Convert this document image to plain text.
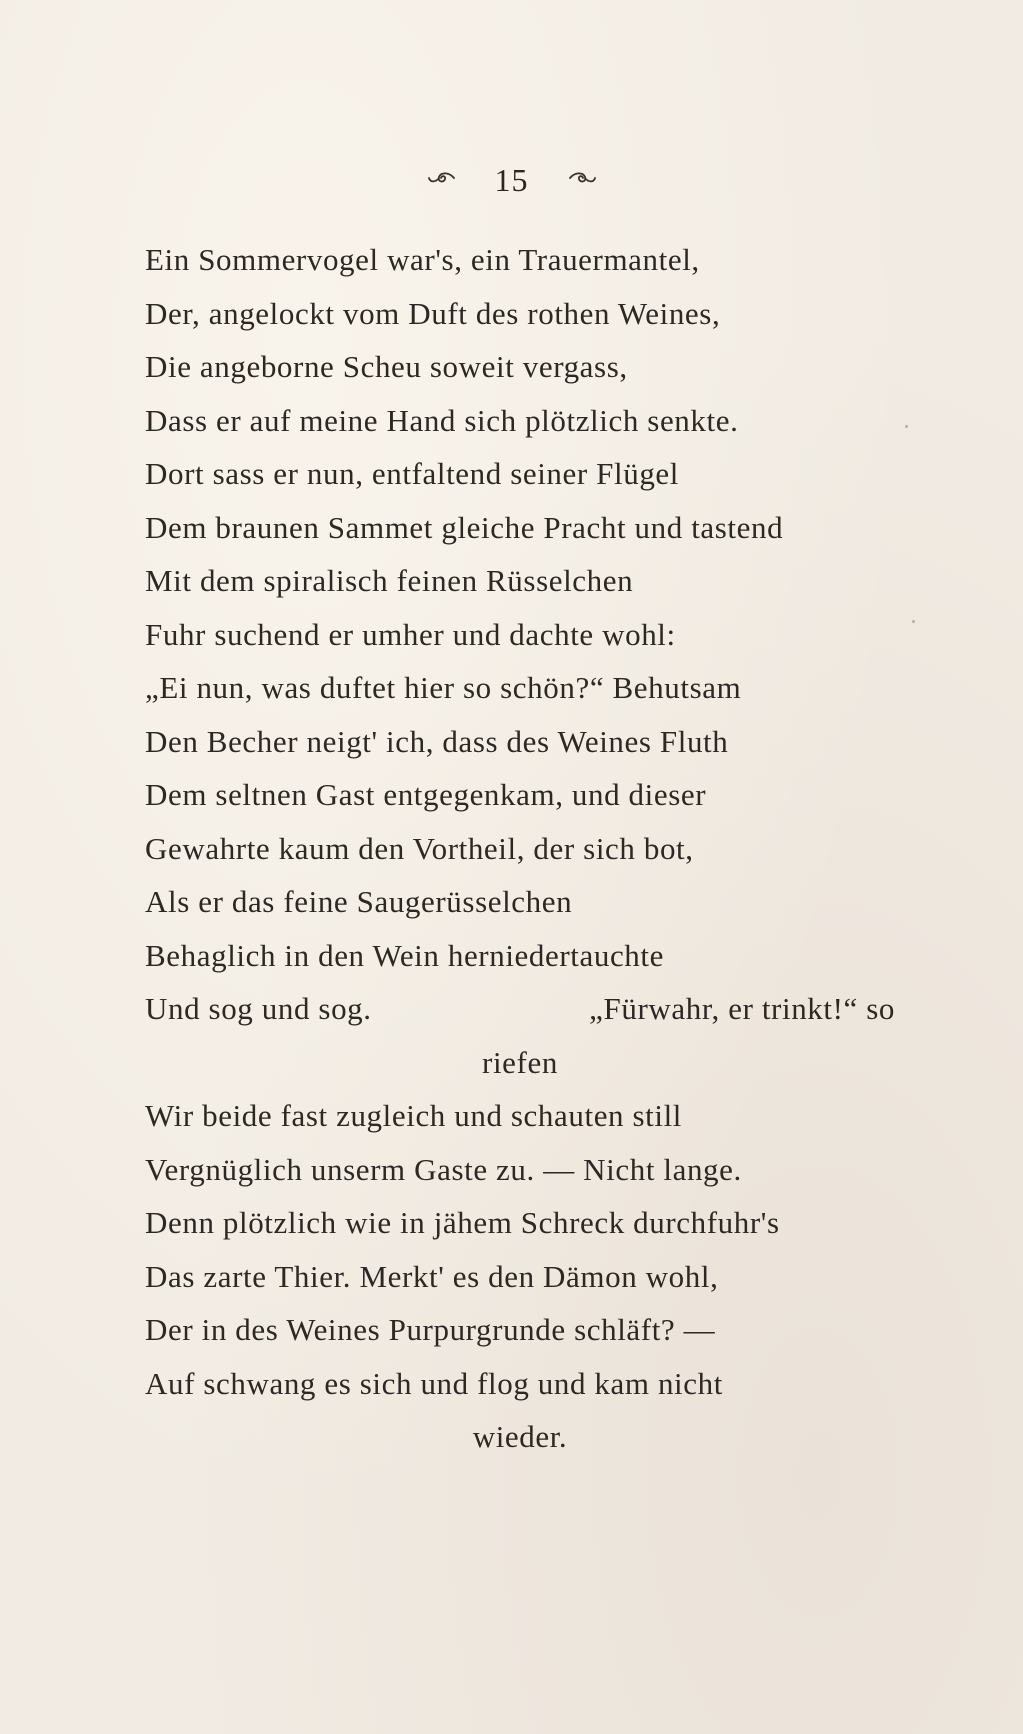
15
Ein Sommervogel war's, ein Trauermantel,
Der, angelockt vom Duft des rothen Weines,
Die angeborne Scheu soweit vergass,
Dass er auf meine Hand sich plötzlich senkte.
Dort sass er nun, entfaltend seiner Flügel
Dem braunen Sammet gleiche Pracht und tastend
Mit dem spiralisch feinen Rüsselchen
Fuhr suchend er umher und dachte wohl:
„Ei nun, was duftet hier so schön?“ Behutsam
Den Becher neigt' ich, dass des Weines Fluth
Dem seltnen Gast entgegenkam, und dieser
Gewahrte kaum den Vortheil, der sich bot,
Als er das feine Saugerüsselchen
Behaglich in den Wein herniedertauchte
Und sog und sog.	„Fürwahr, er trinkt!“ so
riefen
Wir beide fast zugleich und schauten still
Vergnüglich unserm Gaste zu. — Nicht lange.
Denn plötzlich wie in jähem Schreck durchfuhr's
Das zarte Thier. Merkt' es den Dämon wohl,
Der in des Weines Purpurgrunde schläft? —
Auf schwang es sich und flog und kam nicht
wieder.
